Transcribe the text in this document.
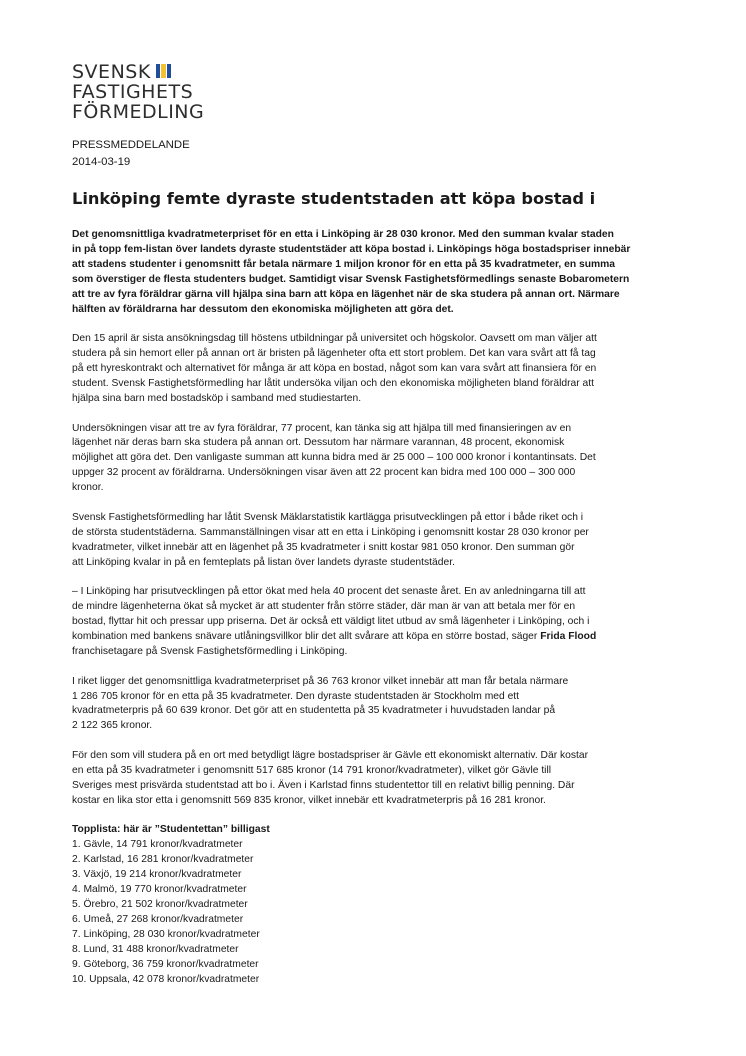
SVENSK
FASTIGHETS
FÖRMEDLING
PRESSMEDDELANDE
2014-03-19
Linköping femte dyraste studentstaden att köpa bostad i

Det genomsnittliga kvadratmeterpriset för en etta i Linköping är 28 030 kronor. Med den summan kvalar staden
in på topp fem-listan över landets dyraste studentstäder att köpa bostad i. Linköpings höga bostadspriser innebär
att stadens studenter i genomsnitt får betala närmare 1 miljon kronor för en etta på 35 kvadratmeter, en summa
som överstiger de flesta studenters budget. Samtidigt visar Svensk Fastighetsförmedlings senaste Bobarometern
att tre av fyra föräldrar gärna vill hjälpa sina barn att köpa en lägenhet när de ska studera på annan ort. Närmare
hälften av föräldrarna har dessutom den ekonomiska möjligheten att göra det.

Den 15 april är sista ansökningsdag till höstens utbildningar på universitet och högskolor. Oavsett om man väljer att
studera på sin hemort eller på annan ort är bristen på lägenheter ofta ett stort problem. Det kan vara svårt att få tag
på ett hyreskontrakt och alternativet för många är att köpa en bostad, något som kan vara svårt att finansiera för en
student. Svensk Fastighetsförmedling har låtit undersöka viljan och den ekonomiska möjligheten bland föräldrar att
hjälpa sina barn med bostadsköp i samband med studiestarten.

Undersökningen visar att tre av fyra föräldrar, 77 procent, kan tänka sig att hjälpa till med finansieringen av en
lägenhet när deras barn ska studera på annan ort. Dessutom har närmare varannan, 48 procent, ekonomisk
möjlighet att göra det. Den vanligaste summan att kunna bidra med är 25 000 – 100 000 kronor i kontantinsats. Det
uppger 32 procent av föräldrarna. Undersökningen visar även att 22 procent kan bidra med 100 000 – 300 000
kronor.

Svensk Fastighetsförmedling har låtit Svensk Mäklarstatistik kartlägga prisutvecklingen på ettor i både riket och i
de största studentstäderna. Sammanställningen visar att en etta i Linköping i genomsnitt kostar 28 030 kronor per
kvadratmeter, vilket innebär att en lägenhet på 35 kvadratmeter i snitt kostar 981 050 kronor. Den summan gör
att Linköping kvalar in på en femteplats på listan över landets dyraste studentstäder.

– I Linköping har prisutvecklingen på ettor ökat med hela 40 procent det senaste året. En av anledningarna till att
de mindre lägenheterna ökat så mycket är att studenter från större städer, där man är van att betala mer för en
bostad, flyttar hit och pressar upp priserna. Det är också ett väldigt litet utbud av små lägenheter i Linköping, och i
kombination med bankens snävare utlåningsvillkor blir det allt svårare att köpa en större bostad, säger Frida Flood
franchisetagare på Svensk Fastighetsförmedling i Linköping.

I riket ligger det genomsnittliga kvadratmeterpriset på 36 763 kronor vilket innebär att man får betala närmare
1 286 705 kronor för en etta på 35 kvadratmeter. Den dyraste studentstaden är Stockholm med ett
kvadratmeterpris på 60 639 kronor. Det gör att en studentetta på 35 kvadratmeter i huvudstaden landar på
2 122 365 kronor.

För den som vill studera på en ort med betydligt lägre bostadspriser är Gävle ett ekonomiskt alternativ. Där kostar
en etta på 35 kvadratmeter i genomsnitt 517 685 kronor (14 791 kronor/kvadratmeter), vilket gör Gävle till
Sveriges mest prisvärda studentstad att bo i. Även i Karlstad finns studentettor till en relativt billig penning. Där
kostar en lika stor etta i genomsnitt 569 835 kronor, vilket innebär ett kvadratmeterpris på 16 281 kronor.

Topplista: här är ”Studentettan” billigast
1. Gävle, 14 791 kronor/kvadratmeter
2. Karlstad, 16 281 kronor/kvadratmeter
3. Växjö, 19 214 kronor/kvadratmeter
4. Malmö, 19 770 kronor/kvadratmeter
5. Örebro, 21 502 kronor/kvadratmeter
6. Umeå, 27 268 kronor/kvadratmeter
7. Linköping, 28 030 kronor/kvadratmeter
8. Lund, 31 488 kronor/kvadratmeter
9. Göteborg, 36 759 kronor/kvadratmeter
10. Uppsala, 42 078 kronor/kvadratmeter
